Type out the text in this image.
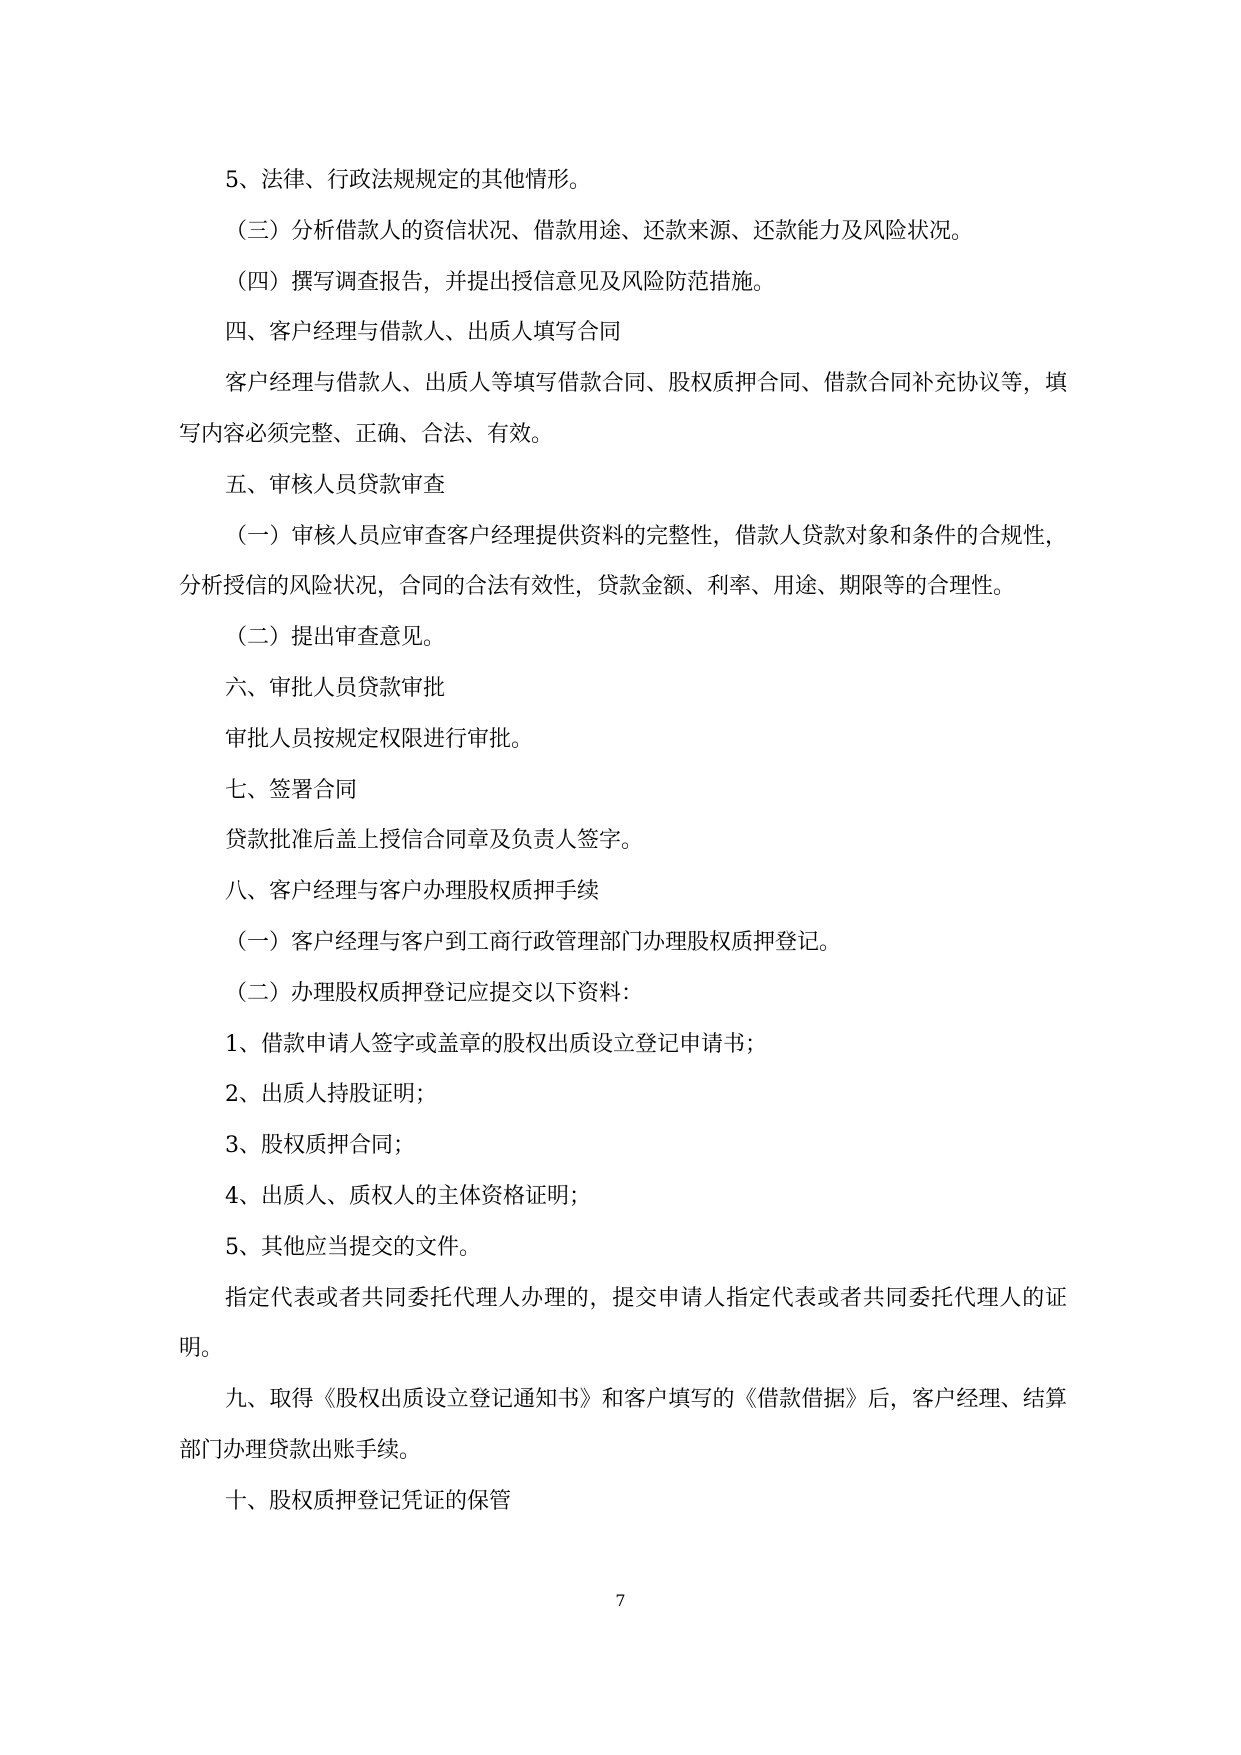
5、法律、行政法规规定的其他情形。

（三）分析借款人的资信状况、借款用途、还款来源、还款能力及风险状况。

（四）撰写调查报告，并提出授信意见及风险防范措施。

四、客户经理与借款人、出质人填写合同

客户经理与借款人、出质人等填写借款合同、股权质押合同、借款合同补充协议等，填写内容必须完整、正确、合法、有效。

五、审核人员贷款审查

（一）审核人员应审查客户经理提供资料的完整性，借款人贷款对象和条件的合规性，分析授信的风险状况，合同的合法有效性，贷款金额、利率、用途、期限等的合理性。

（二）提出审查意见。

六、审批人员贷款审批

审批人员按规定权限进行审批。

七、签署合同

贷款批准后盖上授信合同章及负责人签字。

八、客户经理与客户办理股权质押手续

（一）客户经理与客户到工商行政管理部门办理股权质押登记。

（二）办理股权质押登记应提交以下资料：

1、借款申请人签字或盖章的股权出质设立登记申请书；

2、出质人持股证明；

3、股权质押合同；

4、出质人、质权人的主体资格证明；

5、其他应当提交的文件。

指定代表或者共同委托代理人办理的，提交申请人指定代表或者共同委托代理人的证明。

九、取得《股权出质设立登记通知书》和客户填写的《借款借据》后，客户经理、结算部门办理贷款出账手续。

十、股权质押登记凭证的保管

7
